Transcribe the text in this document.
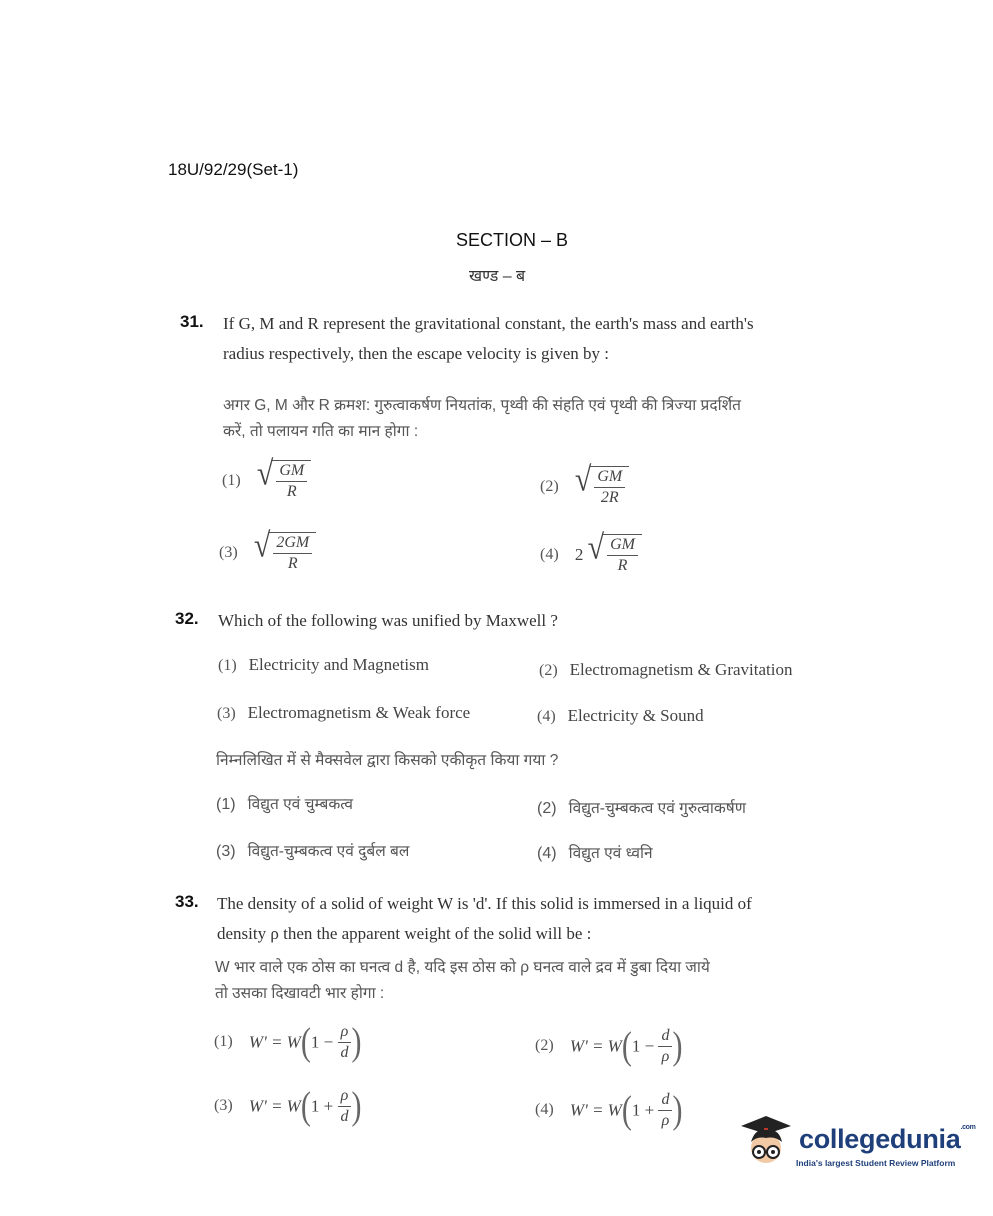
18U/92/29(Set-1)
SECTION – B
खण्ड – ब
31. If G, M and R represent the gravitational constant, the earth's mass and earth's
radius respectively, then the escape velocity is given by :
अगर G, M और R क्रमश: गुरुत्वाकर्षण नियतांक, पृथ्वी की संहति एवं पृथ्वी की त्रिज्या प्रदर्शित
करें, तो पलायन गति का मान होगा :
(1) √ $\frac{GM}{R}$	(2) √ $\frac{GM}{2R}$
(3) √ $\frac{2GM}{R}$	(4) 2 √ $\frac{GM}{R}$
32. Which of the following was unified by Maxwell ?
(1) Electricity and Magnetism	(2) Electromagnetism & Gravitation
(3) Electromagnetism & Weak force	(4) Electricity & Sound
निम्नलिखित में से मैक्सवेल द्वारा किसको एकीकृत किया गया ?
(1) विद्युत एवं चुम्बकत्व	(2) विद्युत-चुम्बकत्व एवं गुरुत्वाकर्षण
(3) विद्युत-चुम्बकत्व एवं दुर्बल बल	(4) विद्युत एवं ध्वनि
33. The density of a solid of weight W is 'd'. If this solid is immersed in a liquid of
density ρ then the apparent weight of the solid will be :
W भार वाले एक ठोस का घनत्व d है, यदि इस ठोस को ρ घनत्व वाले द्रव में डुबा दिया जाये
तो उसका दिखावटी भार होगा :
(1) $W' = W(1 - \frac{\rho}{d}$ )	(2) $W' = W(1 - \frac{d}{\rho}$ )
(3) $W' = W(1 + \frac{\rho}{d}$ )	(4) $W' = W(1 + \frac{d}{\rho}$ )
collegedunia$^{.com}$
India's largest Student Review Platform
